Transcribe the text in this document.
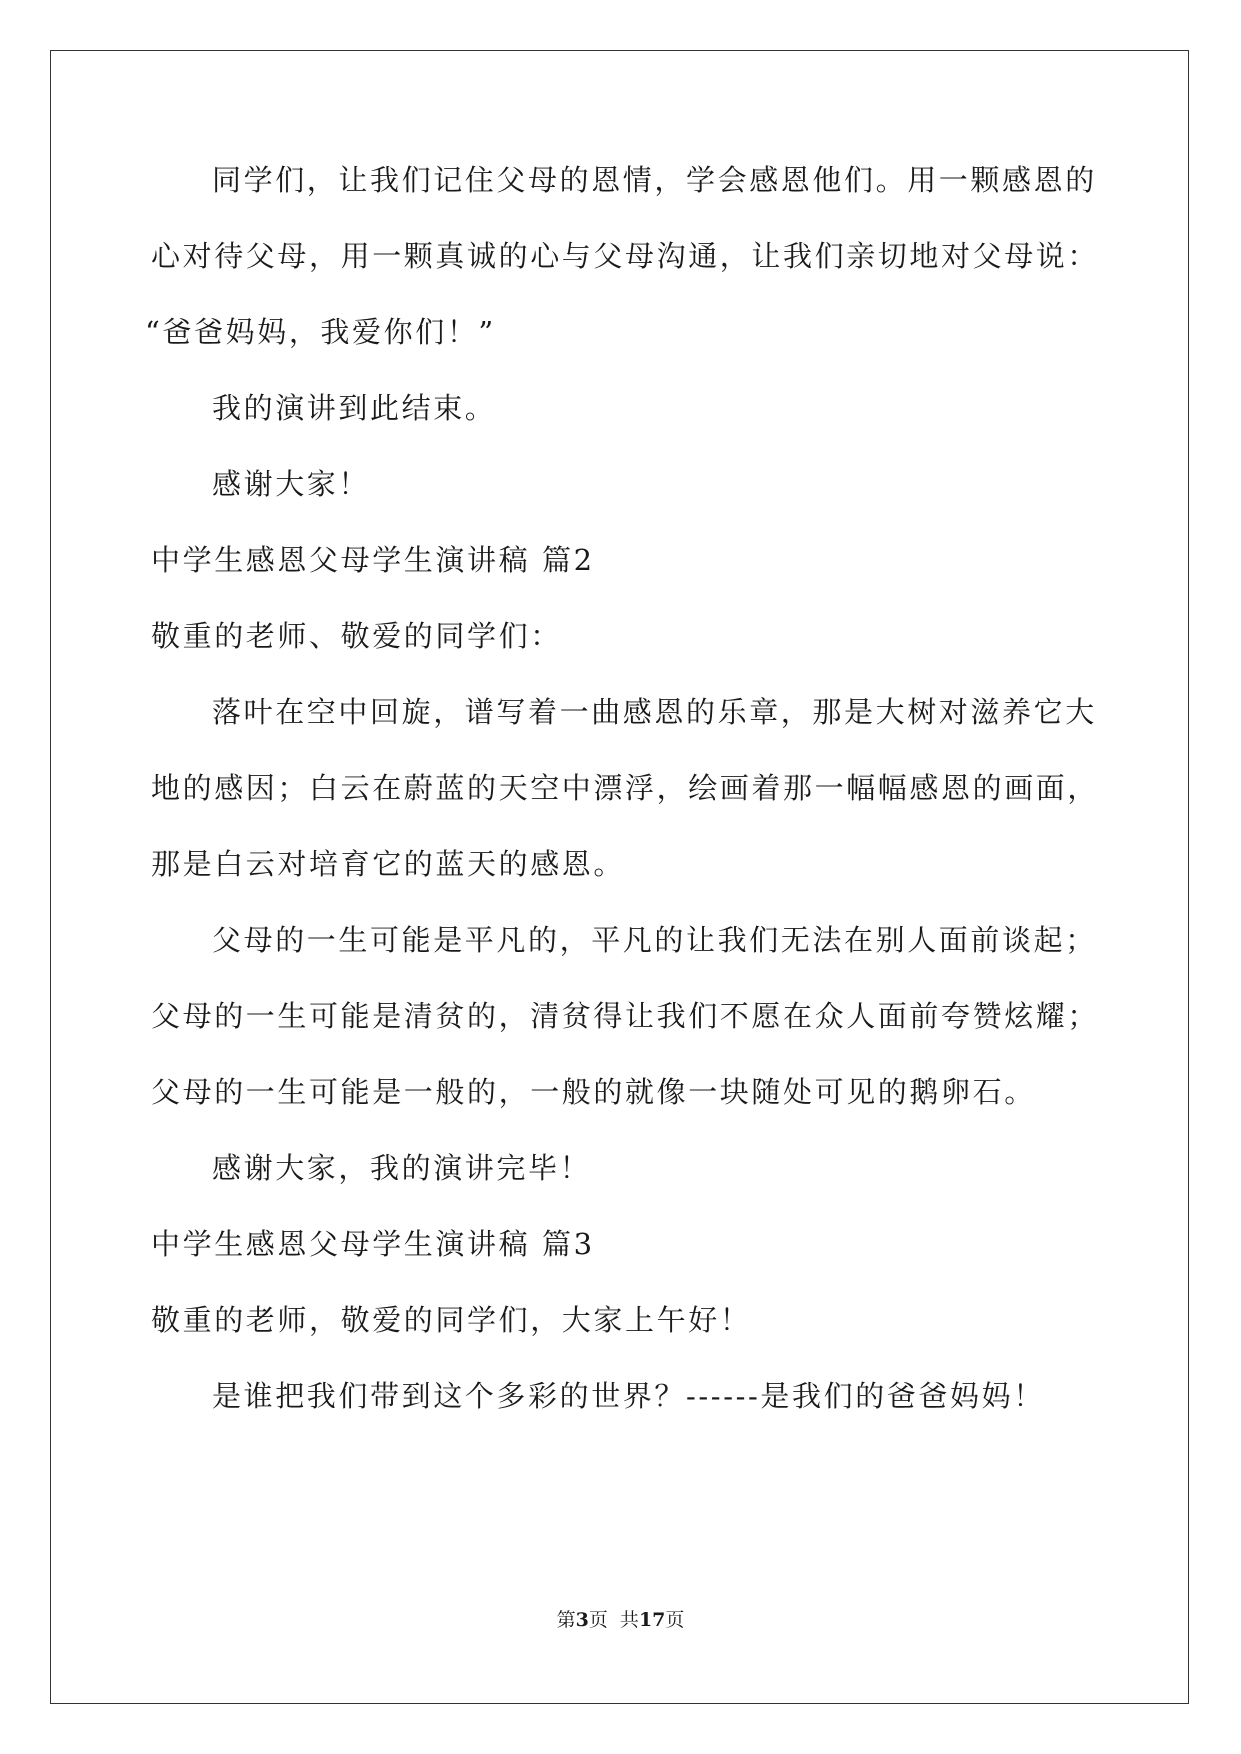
同学们，让我们记住父母的恩情，学会感恩他们。用一颗感恩的
心对待父母，用一颗真诚的心与父母沟通，让我们亲切地对父母说：
“爸爸妈妈，我爱你们！”
我的演讲到此结束。
感谢大家！
中学生感恩父母学生演讲稿 篇2
敬重的老师、敬爱的同学们：
落叶在空中回旋，谱写着一曲感恩的乐章，那是大树对滋养它大
地的感因；白云在蔚蓝的天空中漂浮，绘画着那一幅幅感恩的画面，
那是白云对培育它的蓝天的感恩。
父母的一生可能是平凡的，平凡的让我们无法在别人面前谈起；
父母的一生可能是清贫的，清贫得让我们不愿在众人面前夸赞炫耀；
父母的一生可能是一般的，一般的就像一块随处可见的鹅卵石。
感谢大家，我的演讲完毕！
中学生感恩父母学生演讲稿 篇3
敬重的老师，敬爱的同学们，大家上午好！
是谁把我们带到这个多彩的世界？------是我们的爸爸妈妈！
第3页  共17页
